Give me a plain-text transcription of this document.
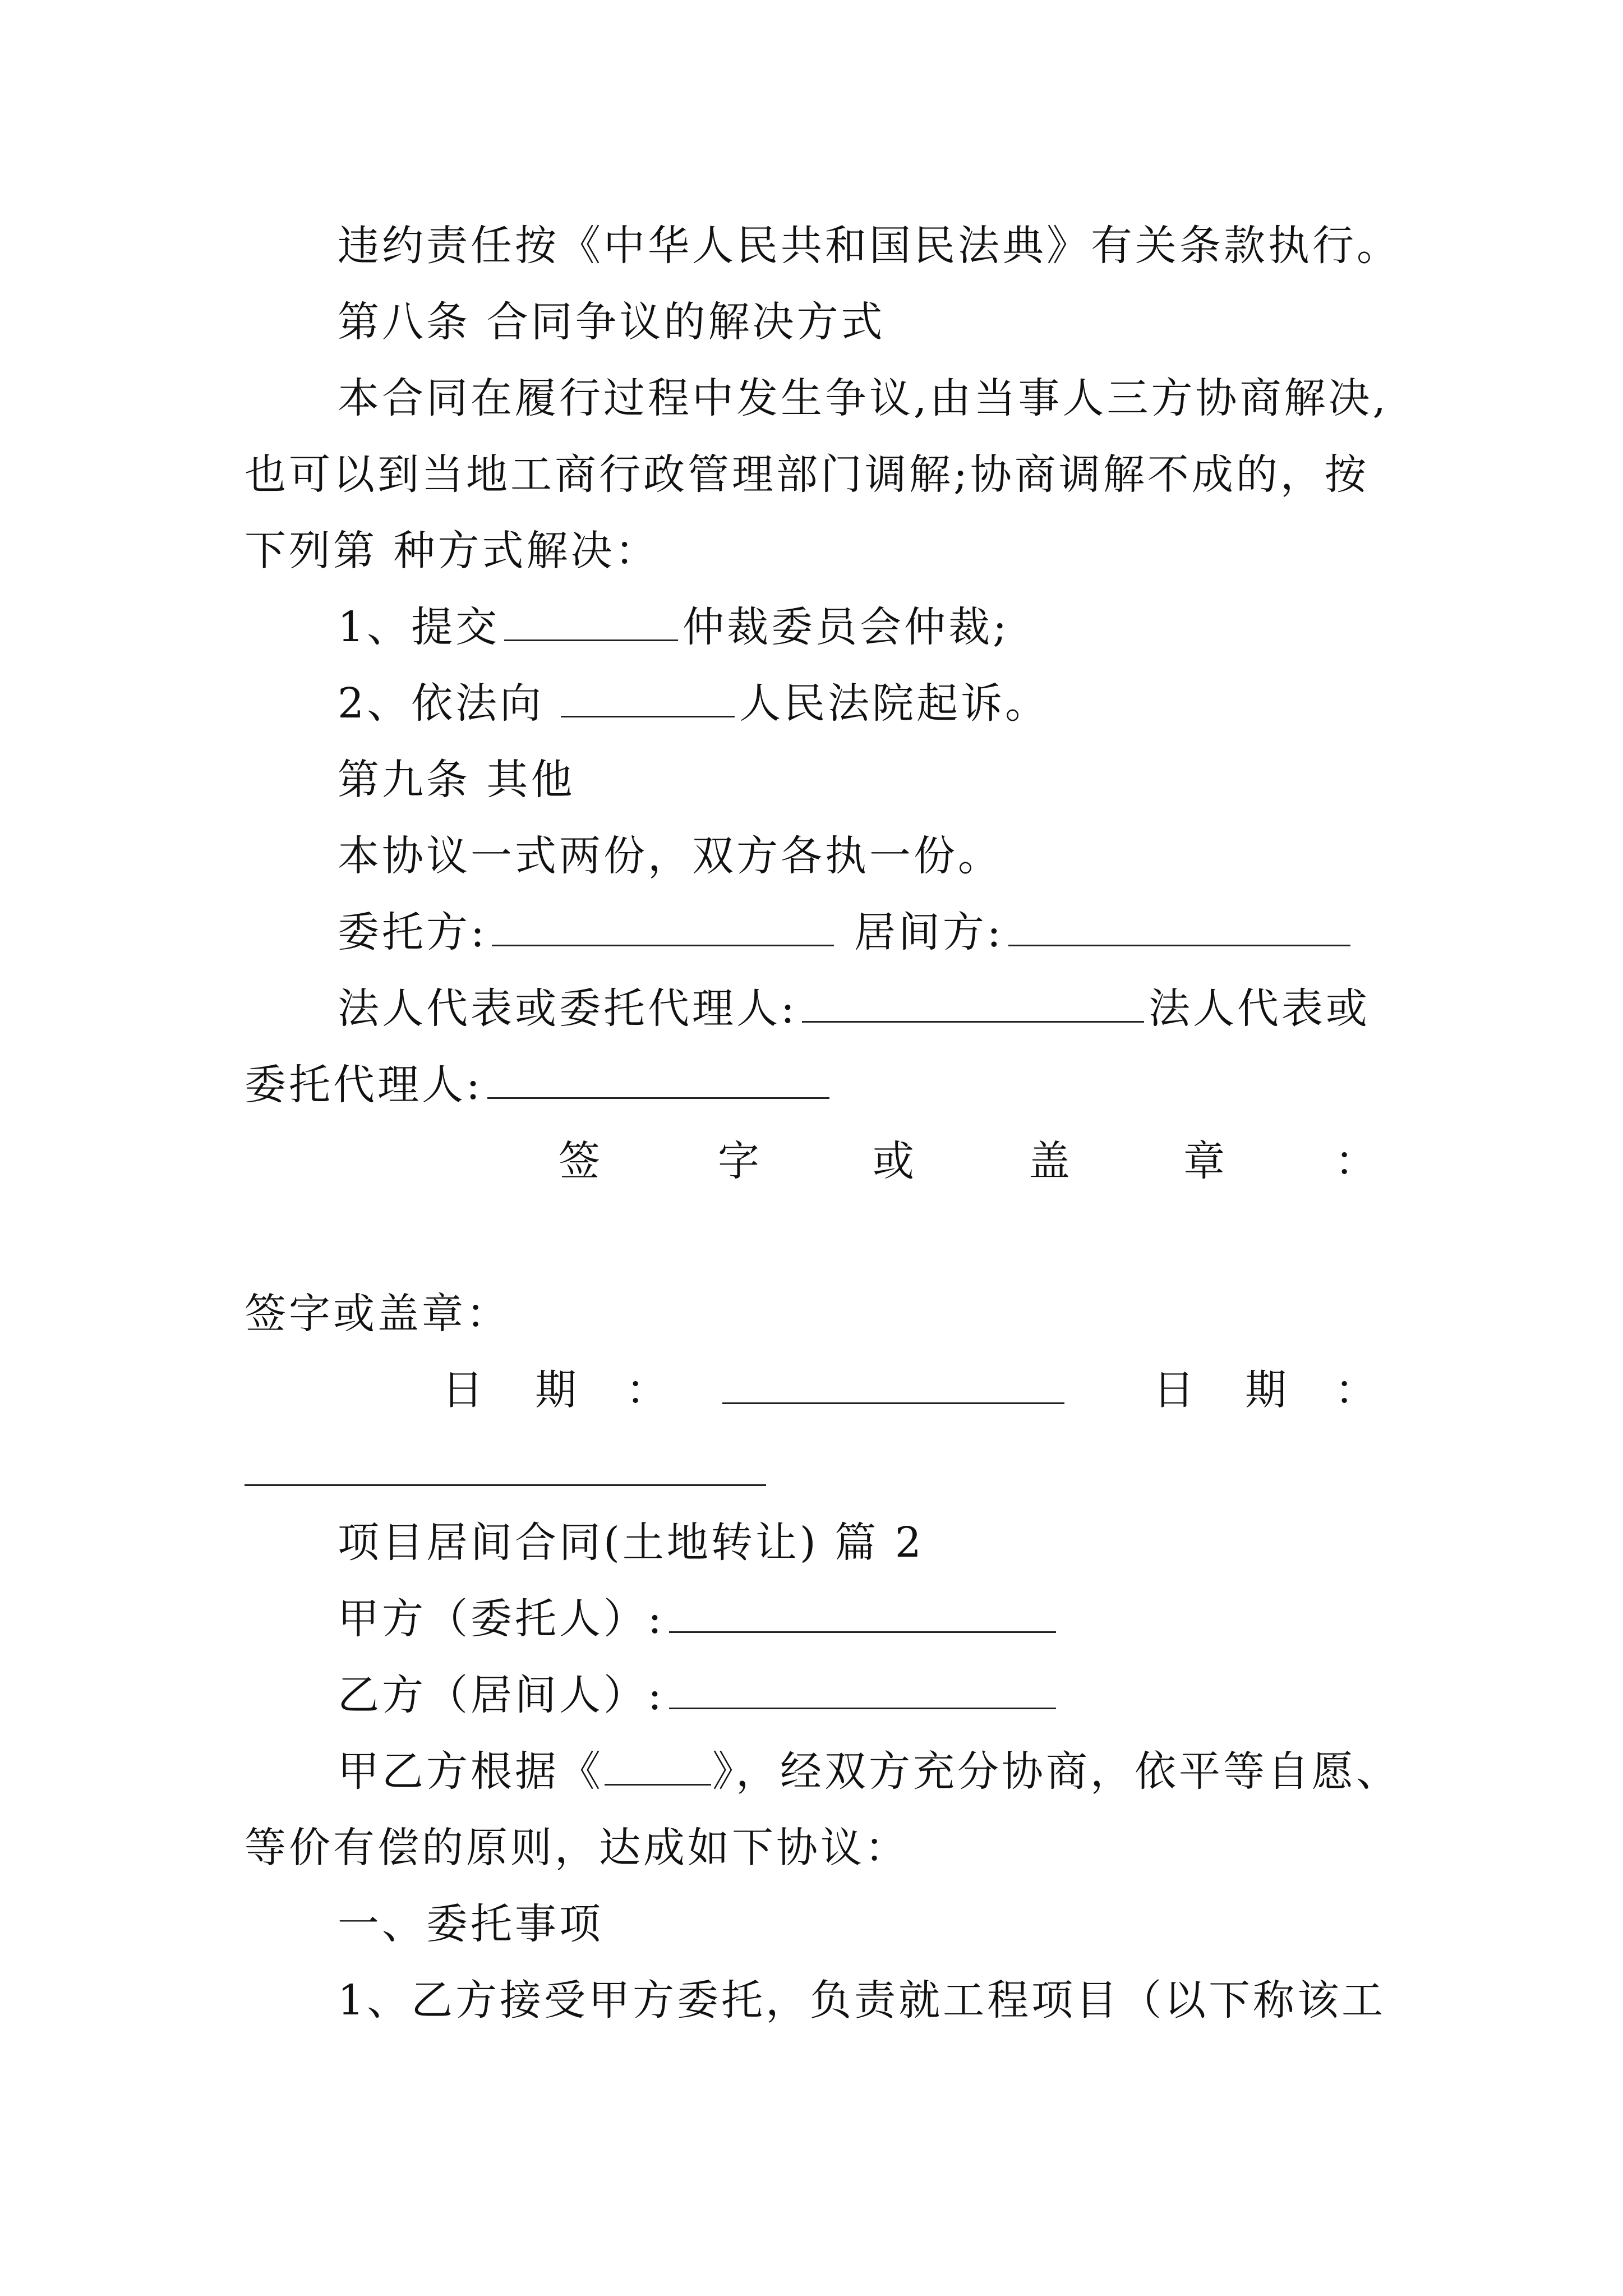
违约责任按《中华人民共和国民法典》有关条款执行。
第八条 合同争议的解决方式
本合同在履行过程中发生争议,由当事人三方协商解决,
也可以到当地工商行政管理部门调解;协商调解不成的，按
下列第 种方式解决：
1、提交	仲裁委员会仲裁;
2、依法向	人民法院起诉。
第九条 其他
本协议一式两份，双方各执一份。
委托方:	居间方:
法人代表或委托代理人:	法人代表或
委托代理人:
签	字	或	盖	章	：
签字或盖章：
日 期 ：	日 期 ：
项目居间合同(土地转让) 篇 2
甲方（委托人）:
乙方（居间人）:
甲乙方根据《	》，经双方充分协商，依平等自愿、
等价有偿的原则，达成如下协议：
一、委托事项
1、乙方接受甲方委托，负责就工程项目（以下称该工
